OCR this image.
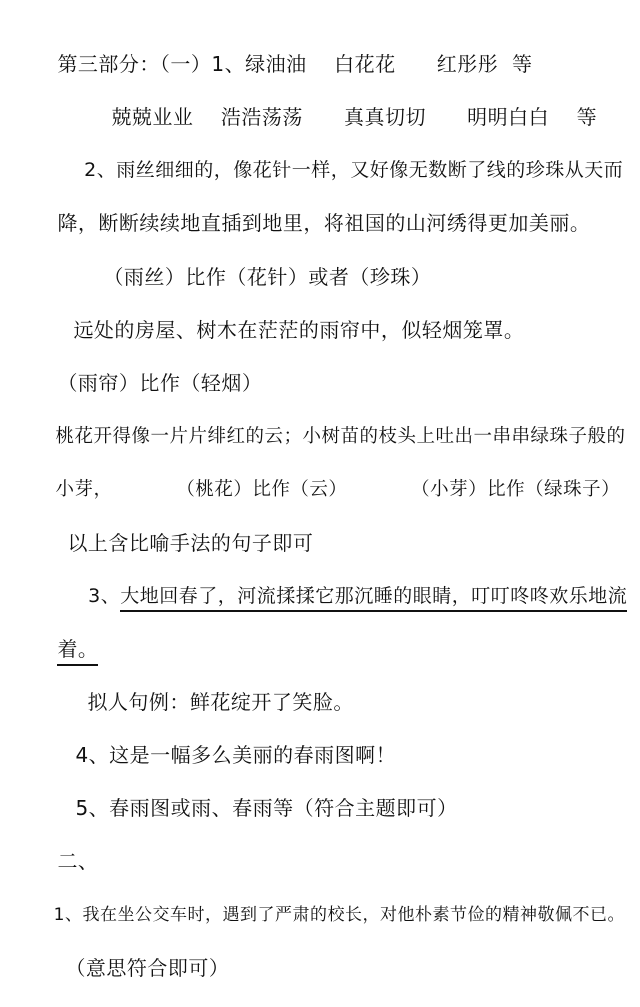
第三部分：（一）1、绿油油    白花花      红彤彤  等

兢兢业业    浩浩荡荡      真真切切      明明白白    等

2、雨丝细细的，像花针一样，又好像无数断了线的珍珠从天而

降，断断续续地直插到地里，将祖国的山河绣得更加美丽。

（雨丝）比作（花针）或者（珍珠）

远处的房屋、树木在茫茫的雨帘中，似轻烟笼罩。

（雨帘）比作（轻烟）

桃花开得像一片片绯红的云；小树苗的枝头上吐出一串串绿珠子般的

小芽，          （桃花）比作（云）          （小芽）比作（绿珠子）

以上含比喻手法的句子即可

3、大地回春了，河流揉揉它那沉睡的眼睛，叮叮咚咚欢乐地流

着。

拟人句例：鲜花绽开了笑脸。

4、这是一幅多么美丽的春雨图啊！

5、春雨图或雨、春雨等（符合主题即可）

二、

1、我在坐公交车时，遇到了严肃的校长，对他朴素节俭的精神敬佩不已。

（意思符合即可）
